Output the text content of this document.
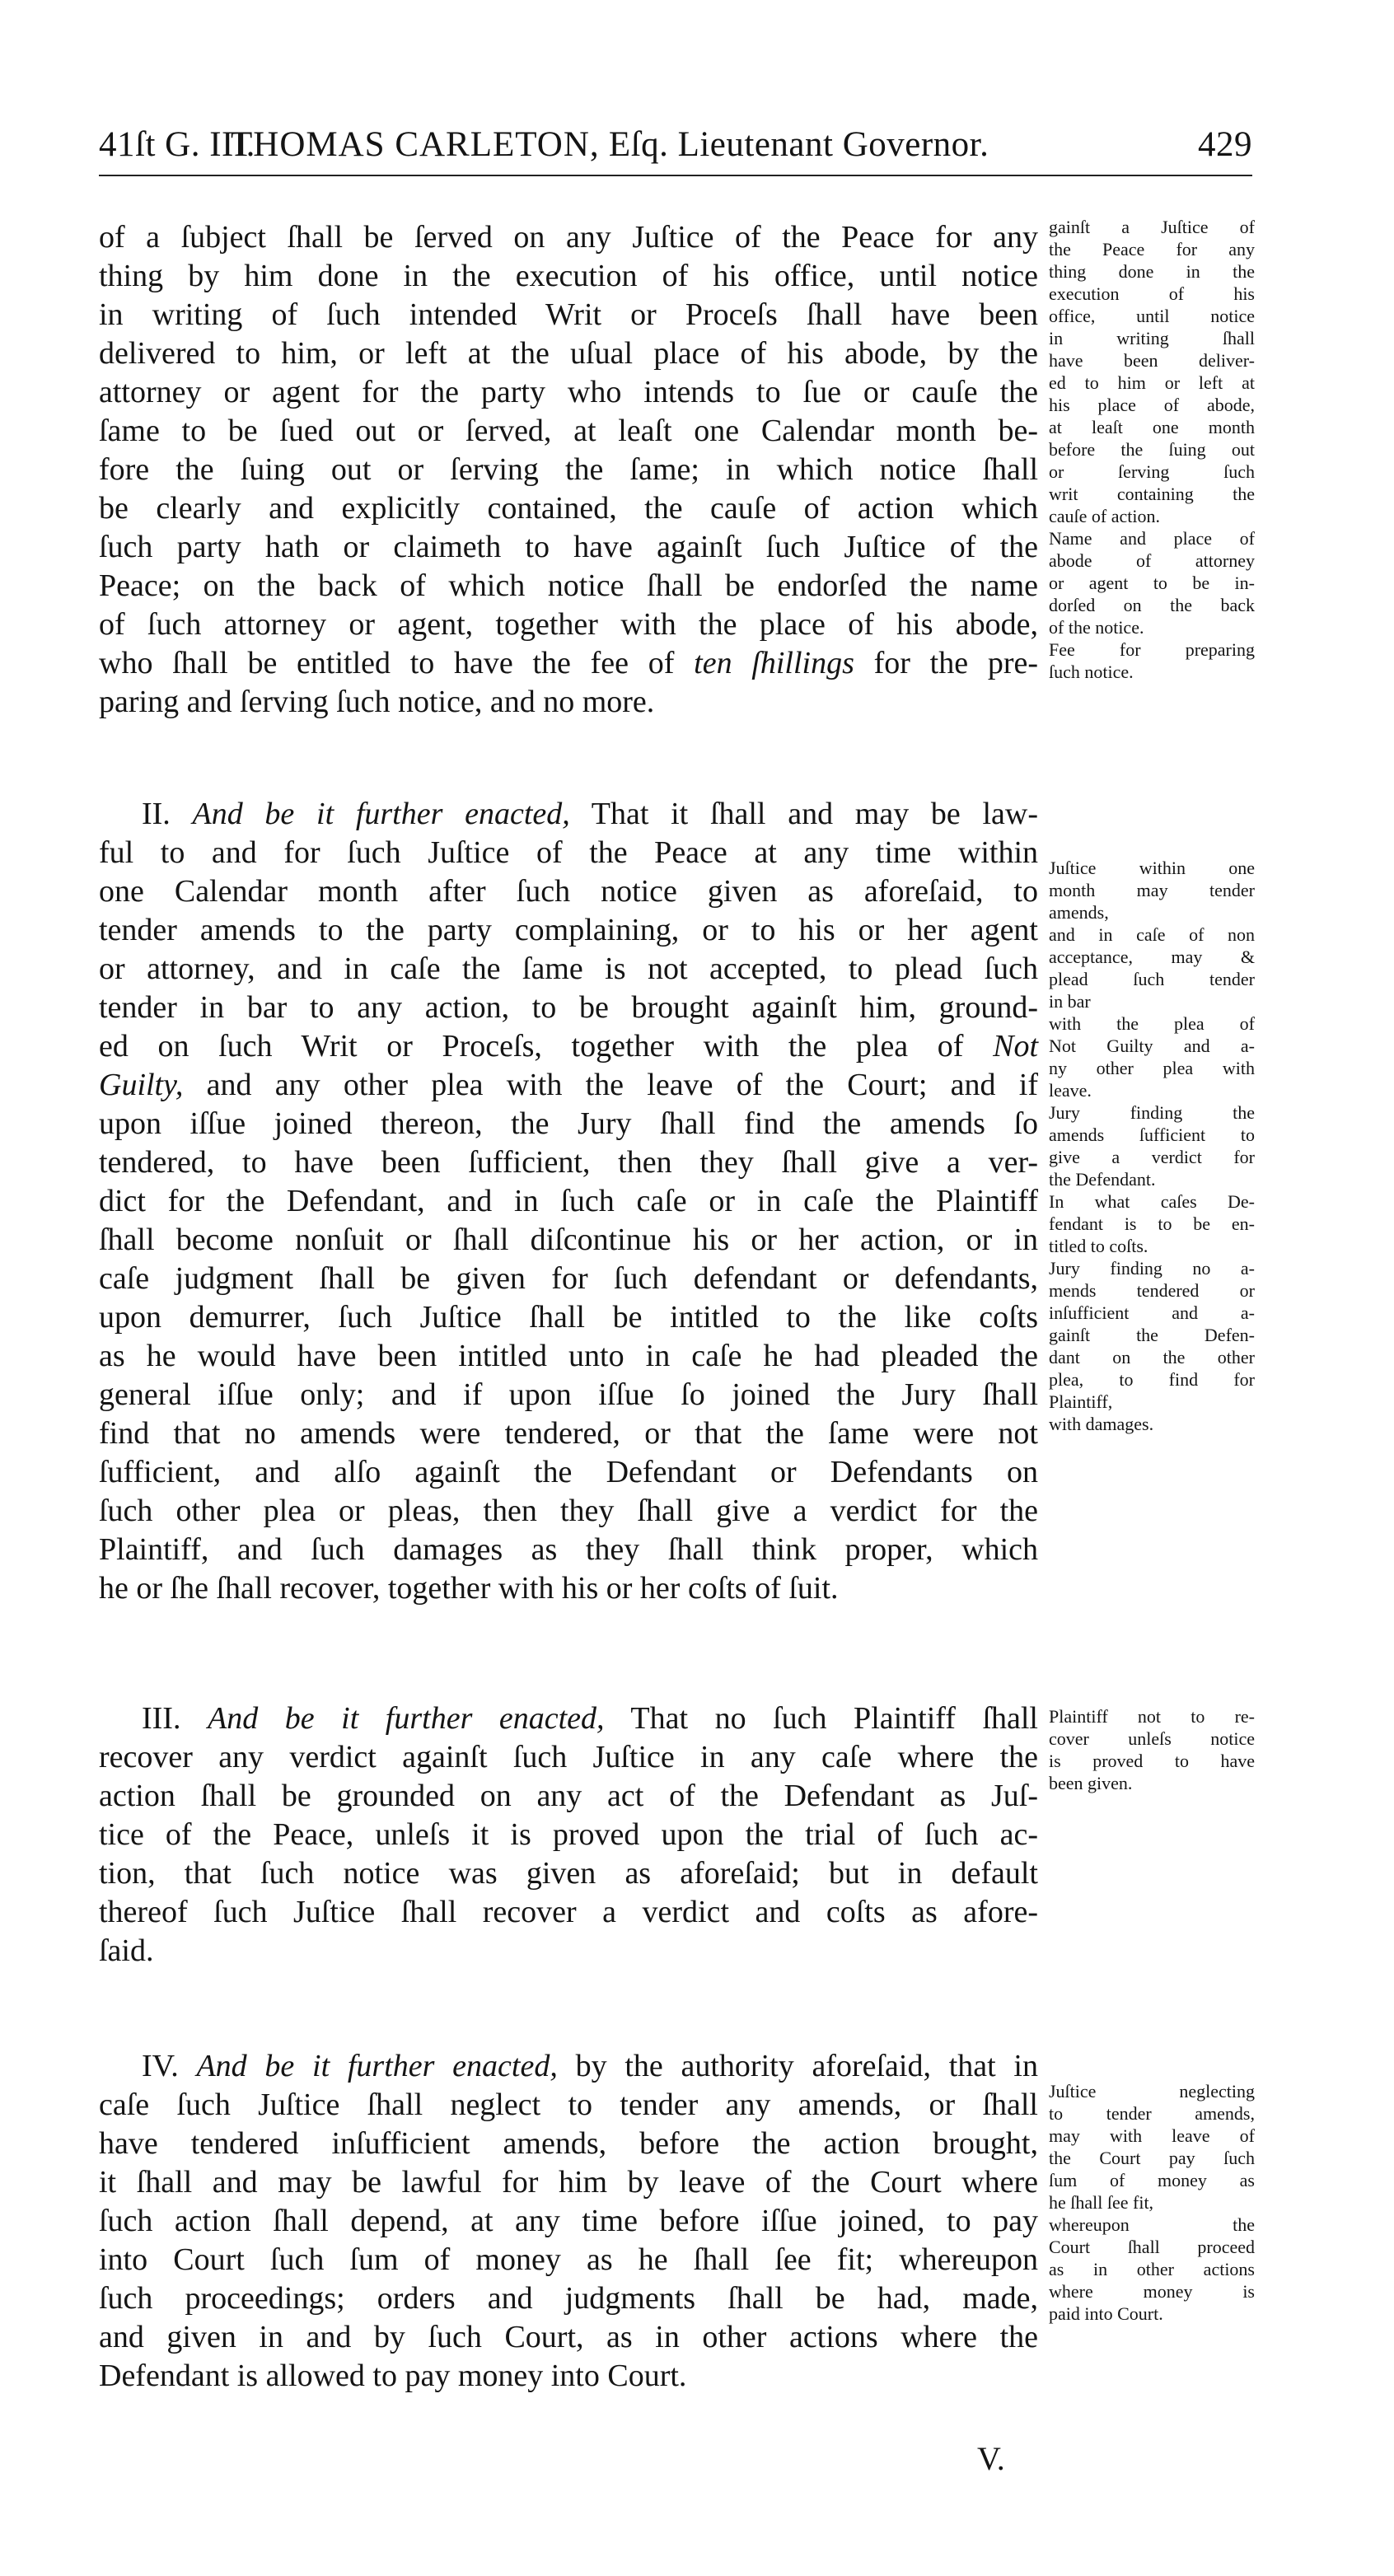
41ſt G. III.
THOMAS CARLETON, Eſq. Lieutenant Governor.	429
of a ſubject ſhall be ſerved on any Juſtice of the Peace for any
thing by him done in the execution of his office, until notice
in writing of ſuch intended Writ or Proceſs ſhall have been
delivered to him, or left at the uſual place of his abode, by the
attorney or agent for the party who intends to ſue or cauſe the
ſame to be ſued out or ſerved, at leaſt one Calendar month be-
fore the ſuing out or ſerving the ſame; in which notice ſhall
be clearly and explicitly contained, the cauſe of action which
ſuch party hath or claimeth to have againſt ſuch Juſtice of the
Peace; on the back of which notice ſhall be endorſed the name
of ſuch attorney or agent, together with the place of his abode,
who ſhall be entitled to have the fee of ten ſhillings for the pre-
paring and ſerving ſuch notice, and no more.
gainſt a Juſtice of
the Peace for any
thing done in the
execution of his
office, until notice
in writing ſhall
have been deliver-
ed to him or left at
his place of abode,
at leaſt one month
before the ſuing out
or ſerving ſuch
writ containing the
cauſe of action.
Name and place of
abode of attorney
or agent to be in-
dorſed on the back
of the notice.
Fee for preparing
ſuch notice.
II. And be it further enacted, That it ſhall and may be law-
ful to and for ſuch Juſtice of the Peace at any time within
one Calendar month after ſuch notice given as aforeſaid, to
tender amends to the party complaining, or to his or her agent
or attorney, and in caſe the ſame is not accepted, to plead ſuch
tender in bar to any action, to be brought againſt him, ground-
ed on ſuch Writ or Proceſs, together with the plea of Not
Guilty, and any other plea with the leave of the Court; and if
upon iſſue joined thereon, the Jury ſhall find the amends ſo
tendered, to have been ſufficient, then they ſhall give a ver-
dict for the Defendant, and in ſuch caſe or in caſe the Plaintiff
ſhall become nonſuit or ſhall diſcontinue his or her action, or in
caſe judgment ſhall be given for ſuch defendant or defendants,
upon demurrer, ſuch Juſtice ſhall be intitled to the like coſts
as he would have been intitled unto in caſe he had pleaded the
general iſſue only; and if upon iſſue ſo joined the Jury ſhall
find that no amends were tendered, or that the ſame were not
ſufficient, and alſo againſt the Defendant or Defendants on
ſuch other plea or pleas, then they ſhall give a verdict for the
Plaintiff, and ſuch damages as they ſhall think proper, which
he or ſhe ſhall recover, together with his or her coſts of ſuit.
Juſtice within one
month may tender
amends,
and in caſe of non
acceptance, may &
plead ſuch tender
in bar
with the plea of
Not Guilty and a-
ny other plea with
leave.
Jury finding the
amends ſufficient to
give a verdict for
the Defendant.
In what caſes De-
fendant is to be en-
titled to coſts.
Jury finding no a-
mends tendered or
inſufficient and a-
gainſt the Defen-
dant on the other
plea, to find for
Plaintiff,
with damages.
III. And be it further enacted, That no ſuch Plaintiff ſhall
recover any verdict againſt ſuch Juſtice in any caſe where the
action ſhall be grounded on any act of the Defendant as Juſ-
tice of the Peace, unleſs it is proved upon the trial of ſuch ac-
tion, that ſuch notice was given as aforeſaid; but in default
thereof ſuch Juſtice ſhall recover a verdict and coſts as afore-
ſaid.
Plaintiff not to re-
cover unleſs notice
is proved to have
been given.
IV. And be it further enacted, by the authority aforeſaid, that in
caſe ſuch Juſtice ſhall neglect to tender any amends, or ſhall
have tendered inſufficient amends, before the action brought,
it ſhall and may be lawful for him by leave of the Court where
ſuch action ſhall depend, at any time before iſſue joined, to pay
into Court ſuch ſum of money as he ſhall ſee fit; whereupon
ſuch proceedings; orders and judgments ſhall be had, made,
and given in and by ſuch Court, as in other actions where the
Defendant is allowed to pay money into Court.
Juſtice neglecting
to tender amends,
may with leave of
the Court pay ſuch
ſum of money as
he ſhall ſee fit,
whereupon the
Court ſhall proceed
as in other actions
where money is
paid into Court.
V.
